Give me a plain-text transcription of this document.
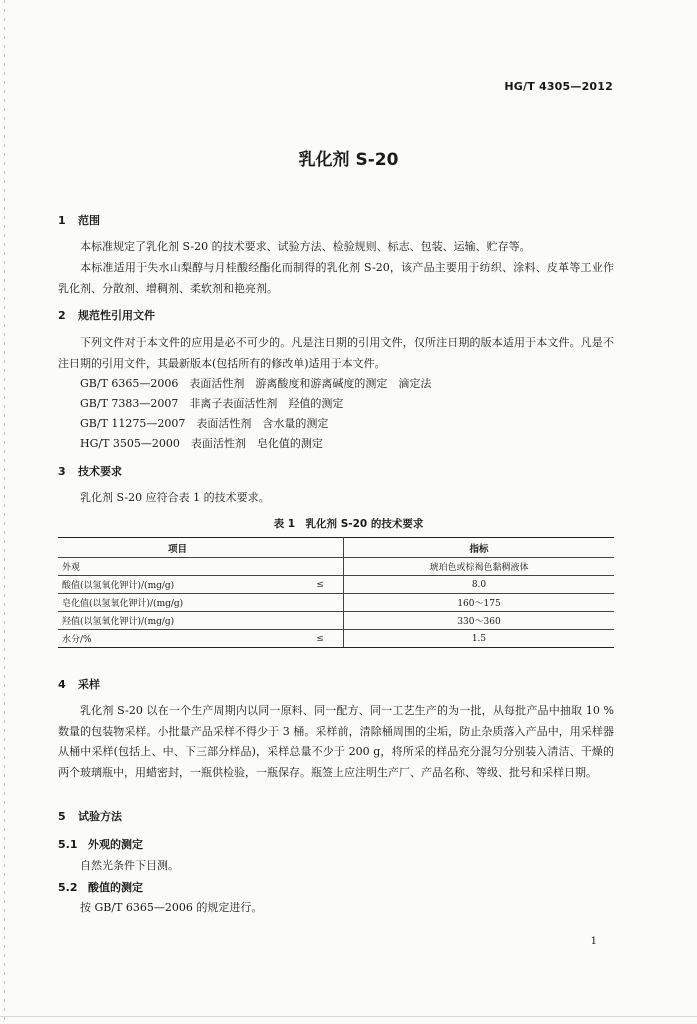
HG/T 4305—2012
乳化剂 S-20
1 范围
本标准规定了乳化剂 S-20 的技术要求、试验方法、检验规则、标志、包装、运输、贮存等。
本标准适用于失水山梨醇与月桂酸经酯化而制得的乳化剂 S-20，该产品主要用于纺织、涂料、皮革等工业作乳化剂、分散剂、增稠剂、柔软剂和艳亮剂。
2 规范性引用文件
下列文件对于本文件的应用是必不可少的。凡是注日期的引用文件，仅所注日期的版本适用于本文件。凡是不注日期的引用文件，其最新版本(包括所有的修改单)适用于本文件。
GB/T 6365—2006　表面活性剂　游离酸度和游离碱度的测定　滴定法
GB/T 7383—2007　非离子表面活性剂　羟值的测定
GB/T 11275—2007　表面活性剂　含水量的测定
HG/T 3505—2000　表面活性剂　皂化值的测定
3 技术要求
乳化剂 S-20 应符合表 1 的技术要求。
表 1　乳化剂 S-20 的技术要求
项目		指标
外观		琥珀色或棕褐色黏稠液体
酸值(以氢氧化钾计)/(mg/g)	≤	8.0
皂化值(以氢氧化钾计)/(mg/g)		160～175
羟值(以氢氧化钾计)/(mg/g)		330～360
水分/%	≤	1.5
4 采样
乳化剂 S-20 以在一个生产周期内以同一原料、同一配方、同一工艺生产的为一批，从每批产品中抽取 10 %数量的包装物采样。小批量产品采样不得少于 3 桶。采样前，清除桶周围的尘垢，防止杂质落入产品中，用采样器从桶中采样(包括上、中、下三部分样品)，采样总量不少于 200 g，将所采的样品充分混匀分别装入清洁、干燥的两个玻璃瓶中，用蜡密封，一瓶供检验，一瓶保存。瓶签上应注明生产厂、产品名称、等级、批号和采样日期。
5 试验方法
5.1 外观的测定
自然光条件下目测。
5.2 酸值的测定
按 GB/T 6365—2006 的规定进行。
1
